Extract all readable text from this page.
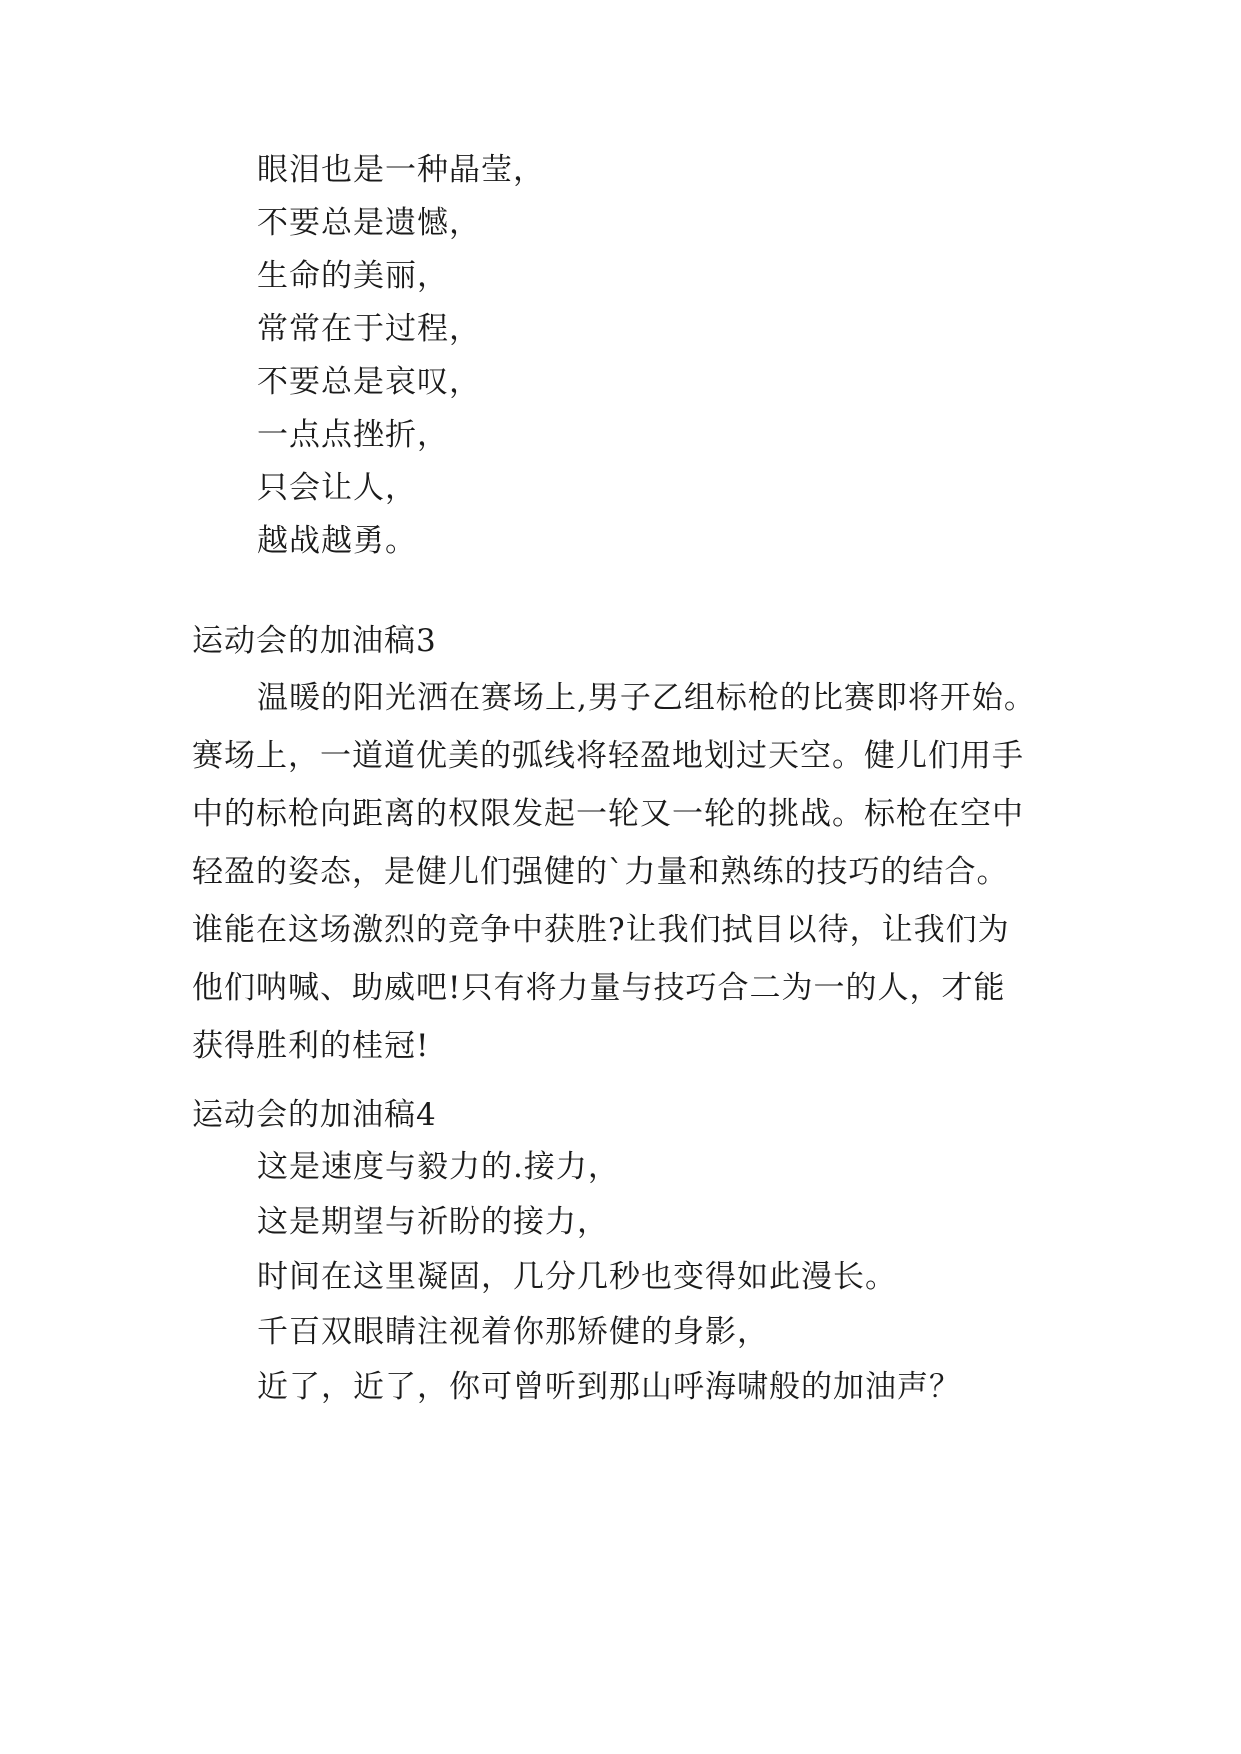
眼泪也是一种晶莹，
不要总是遗憾，
生命的美丽，
常常在于过程，
不要总是哀叹，
一点点挫折，
只会让人，
越战越勇。
运动会的加油稿3
温暖的阳光洒在赛场上,男子乙组标枪的比赛即将开始。
赛场上，一道道优美的弧线将轻盈地划过天空。健儿们用手
中的标枪向距离的权限发起一轮又一轮的挑战。标枪在空中
轻盈的姿态，是健儿们强健的`力量和熟练的技巧的结合。
谁能在这场激烈的竞争中获胜?让我们拭目以待，让我们为
他们呐喊、助威吧!只有将力量与技巧合二为一的人，才能
获得胜利的桂冠!
运动会的加油稿4
这是速度与毅力的.接力，
这是期望与祈盼的接力，
时间在这里凝固，几分几秒也变得如此漫长。
千百双眼睛注视着你那矫健的身影，
近了，近了，你可曾听到那山呼海啸般的加油声？
